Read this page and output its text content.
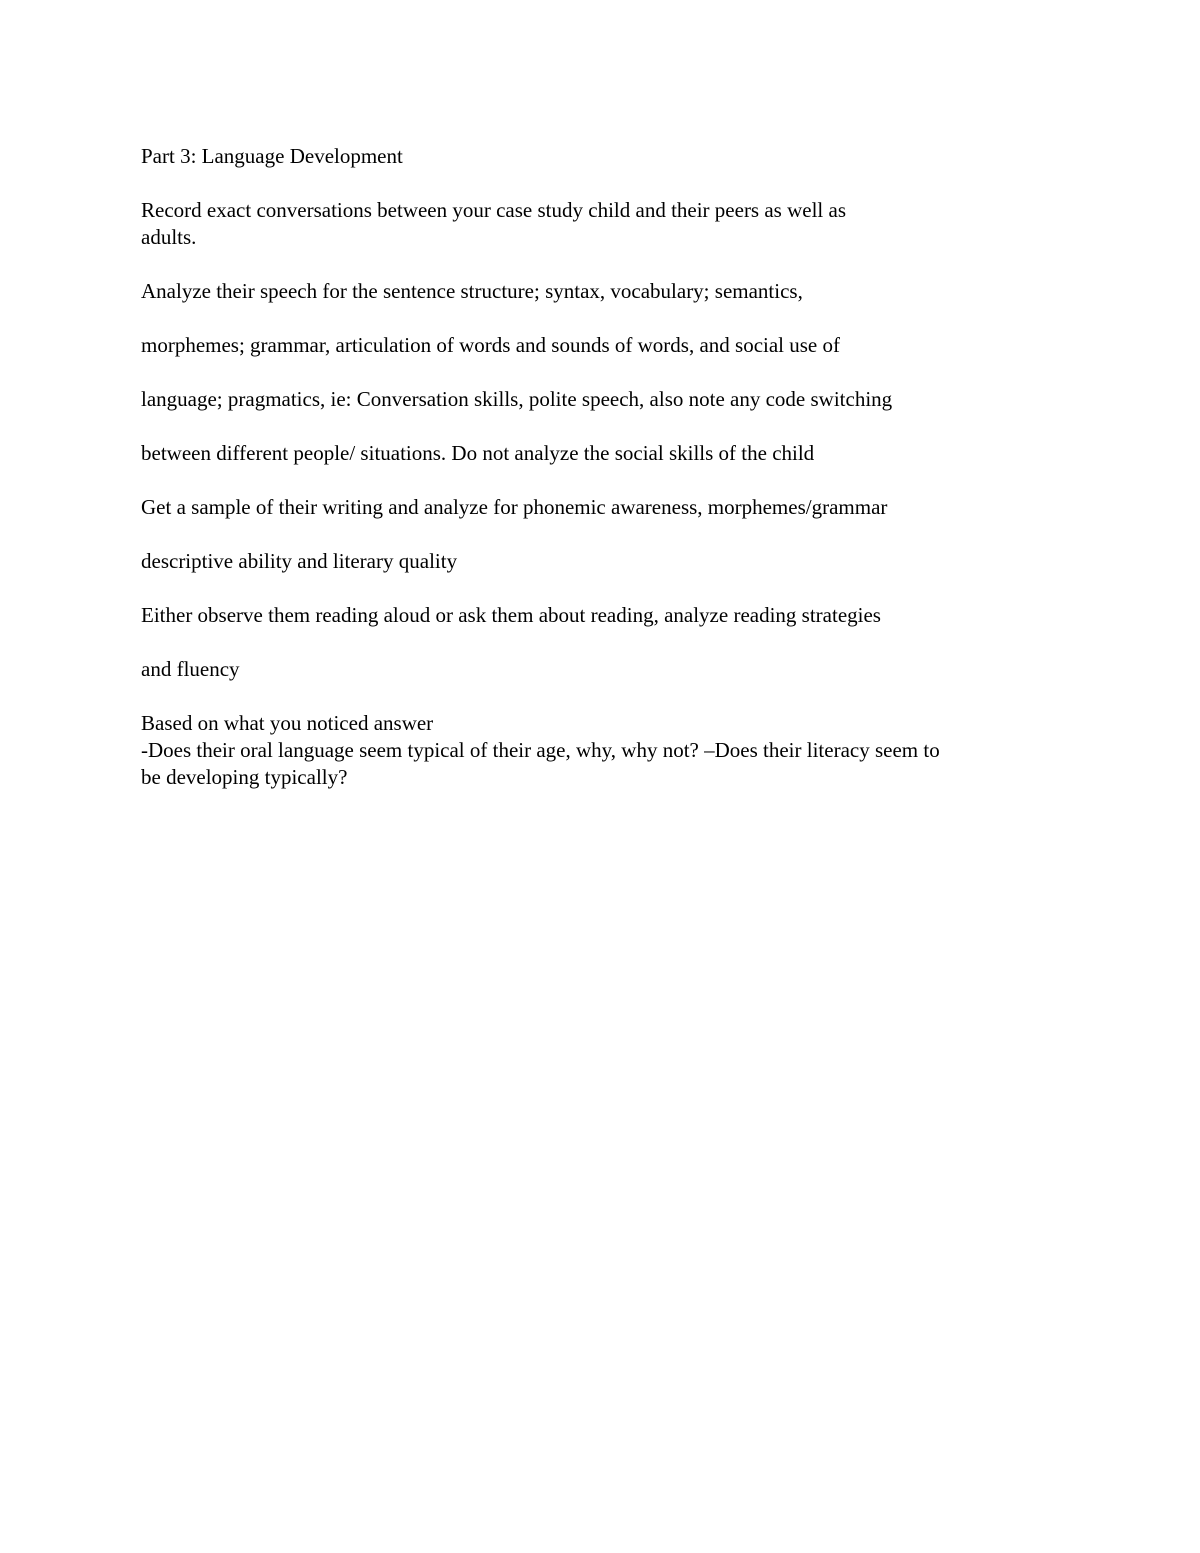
Part 3: Language Development

Record exact conversations between your case study child and their peers as well as

adults.

Analyze their speech for the sentence structure; syntax, vocabulary; semantics,

morphemes; grammar, articulation of words and sounds of words, and social use of

language; pragmatics, ie: Conversation skills, polite speech, also note any code switching

between different people/ situations. Do not analyze the social skills of the child

Get a sample of their writing and analyze for phonemic awareness, morphemes/grammar

descriptive ability and literary quality

Either observe them reading aloud or ask them about reading, analyze reading strategies

and fluency

Based on what you noticed answer

-Does their oral language seem typical of their age, why, why not? –Does their literacy seem to

be developing typically?
